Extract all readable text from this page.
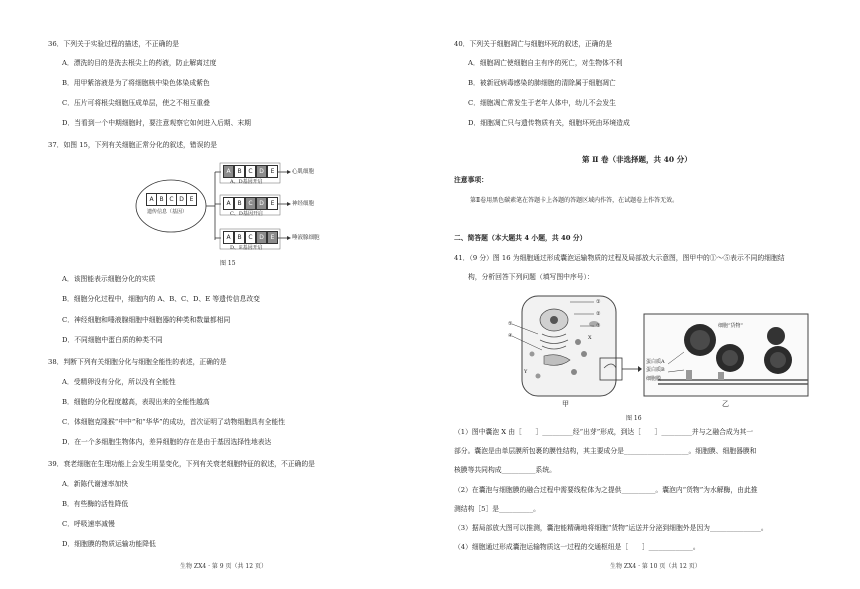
36．下列关于实验过程的描述，不正确的是
A．漂洗的目的是洗去根尖上的药液，防止解离过度
B．用甲紫溶液是为了将细胞核中染色体染成紫色
C．压片可将根尖细胞压成单层，使之不相互重叠
D．当看到一个中期细胞时，要注意观察它如何进入后期、末期
37．如图 15，下列有关细胞正常分化的叙述，错误的是
A B C D E
遗传信息（基因）
A	B	C	D	E	心肌细胞
A、D基因开启
A	B	C	D	E	神经细胞
C、D基因开启
A	B	C	D	E	唾液腺细胞
D、E基因开启
图 15
A．该图能表示细胞分化的实质
B．细胞分化过程中，细胞内的 A、B、C、D、E 等遗传信息改变
C．神经细胞和唾液腺细胞中细胞器的种类和数量都相同
D．不同细胞中蛋白质的种类不同
38．判断下列有关细胞分化与细胞全能性的表述，正确的是
A．受精卵没有分化，所以没有全能性
B．细胞的分化程度越高，表现出来的全能性越高
C．体细胞克隆猴“中中”和“华华”的成功，首次证明了动物细胞具有全能性
D．在一个多细胞生物体内，差异细胞的存在是由于基因选择性地表达
39．衰老细胞在生理功能上会发生明显变化，下列有关衰老细胞特征的叙述，不正确的是
A．新陈代谢速率加快
B．有些酶的活性降低
C．呼吸速率减慢
D．细胞膜的物质运输功能降低
生物 ZX4 · 第 9 页（共 12 页）
40．下列关于细胞凋亡与细胞坏死的叙述，正确的是
A．细胞凋亡使细胞自主有序的死亡，对生物体不利
B．被新冠病毒感染的肺细胞的清除属于细胞凋亡
C．细胞凋亡常发生于老年人体中，幼儿不会发生
D．细胞凋亡只与遗传物质有关，细胞坏死由环境造成
第 Ⅱ 卷（非选择题，共 40 分）
注意事项：
第Ⅱ卷用黑色碳素笔在答题卡上各题的答题区域内作答，在试题卷上作答无效。
二、简答题（本大题共 4 小题，共 40 分）
41．（9 分）图 16 为细胞通过形成囊泡运输物质的过程及局部放大示意图，图甲中的①～⑤表示不同的细胞结
构，分析回答下列问题（填写图中序号）：
①
②
③
④
⑤
X
Y
细胞“货物”
蛋白质A
蛋白质B
细胞膜
甲	乙
图 16
（1）图中囊泡 X 由［　　］_________经“出芽”形成，到达［　　］_________并与之融合成为其一
部分。囊泡是由单层膜所包裹的膜性结构，其主要成分是___________________。细胞膜、细胞器膜和
核膜等共同构成__________系统。
（2）在囊泡与细胞膜的融合过程中需要线粒体为之提供__________。囊泡内“货物”为水解酶，由此推
测结构［5］是__________。
（3）据局部放大图可以推测，囊泡能精确地将细胞“货物”运送并分泌到细胞外是因为_______________。
（4）细胞通过形成囊泡运输物质这一过程的交通枢纽是［　　］_____________。
生物 ZX4 · 第 10 页（共 12 页）
